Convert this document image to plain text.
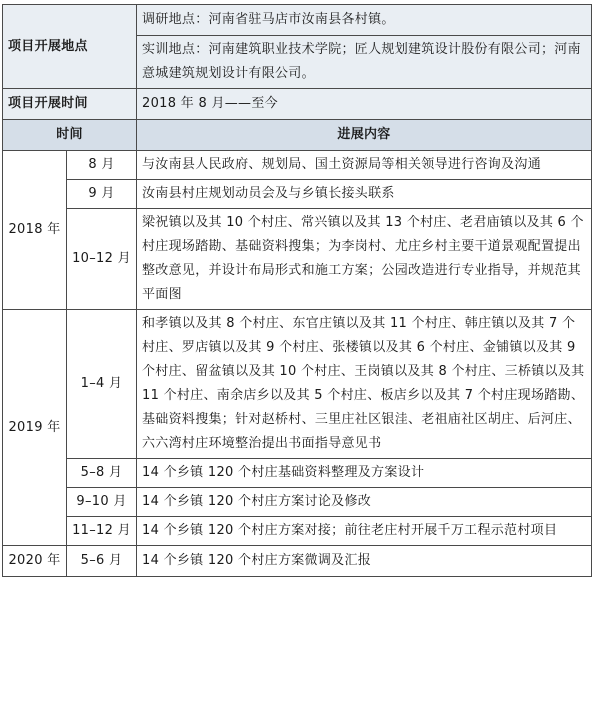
项目开展地点		调研地点：河南省驻马店市汝南县各村镇。
		实训地点：河南建筑职业技术学院；匠人规划建筑设计股份有限公司；河南意城建筑规划设计有限公司。
项目开展时间		2018 年 8 月——至今
时间		进展内容
2018 年	8 月	与汝南县人民政府、规划局、国土资源局等相关领导进行咨询及沟通
	9 月	汝南县村庄规划动员会及与乡镇长接头联系
	10–12 月	梁祝镇以及其 10 个村庄、常兴镇以及其 13 个村庄、老君庙镇以及其 6 个村庄现场踏勘、基础资料搜集；为李岗村、尤庄乡村主要干道景观配置提出整改意见，并设计布局形式和施工方案；公园改造进行专业指导，并规范其平面图
2019 年	1–4 月	和孝镇以及其 8 个村庄、东官庄镇以及其 11 个村庄、韩庄镇以及其 7 个村庄、罗店镇以及其 9 个村庄、张楼镇以及其 6 个村庄、金铺镇以及其 9 个村庄、留盆镇以及其 10 个村庄、王岗镇以及其 8 个村庄、三桥镇以及其 11 个村庄、南余店乡以及其 5 个村庄、板店乡以及其 7 个村庄现场踏勘、基础资料搜集；针对赵桥村、三里庄社区银洼、老祖庙社区胡庄、后河庄、六六湾村庄环境整治提出书面指导意见书
	5–8 月	14 个乡镇 120 个村庄基础资料整理及方案设计
	9–10 月	14 个乡镇 120 个村庄方案讨论及修改
	11–12 月	14 个乡镇 120 个村庄方案对接；前往老庄村开展千万工程示范村项目
2020 年	5–6 月	14 个乡镇 120 个村庄方案微调及汇报
